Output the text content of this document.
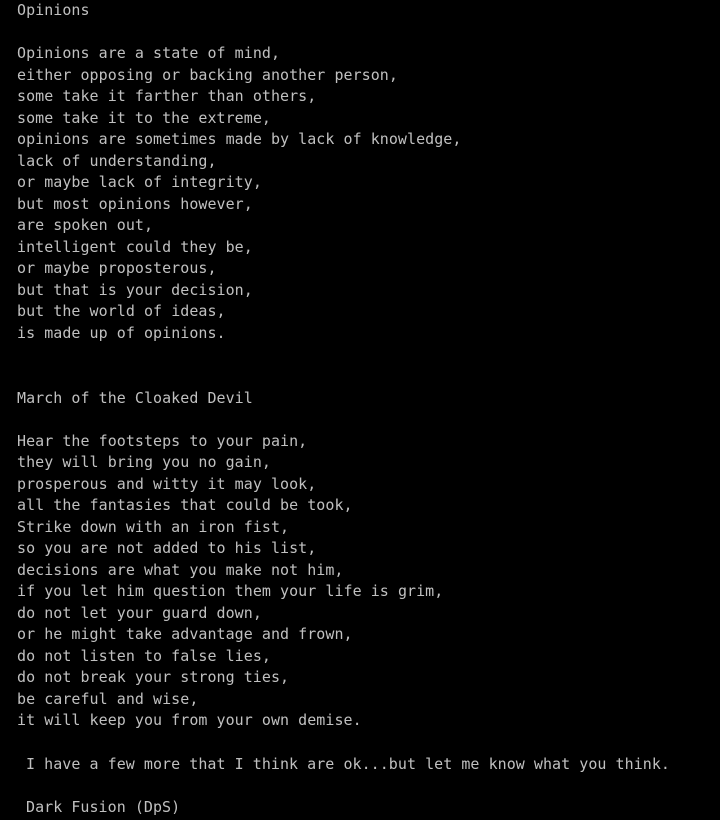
Opinions
Opinions are a state of mind,
either opposing or backing another person,
some take it farther than others,
some take it to the extreme,
opinions are sometimes made by lack of knowledge,
lack of understanding,
or maybe lack of integrity,
but most opinions however,
are spoken out,
intelligent could they be,
or maybe proposterous,
but that is your decision,
but the world of ideas,
is made up of opinions.
March of the Cloaked Devil
Hear the footsteps to your pain,
they will bring you no gain,
prosperous and witty it may look,
all the fantasies that could be took,
Strike down with an iron fist,
so you are not added to his list,
decisions are what you make not him,
if you let him question them your life is grim,
do not let your guard down,
or he might take advantage and frown,
do not listen to false lies,
do not break your strong ties,
be careful and wise,
it will keep you from your own demise.
I have a few more that I think are ok...but let me know what you think.
Dark Fusion (DpS)
